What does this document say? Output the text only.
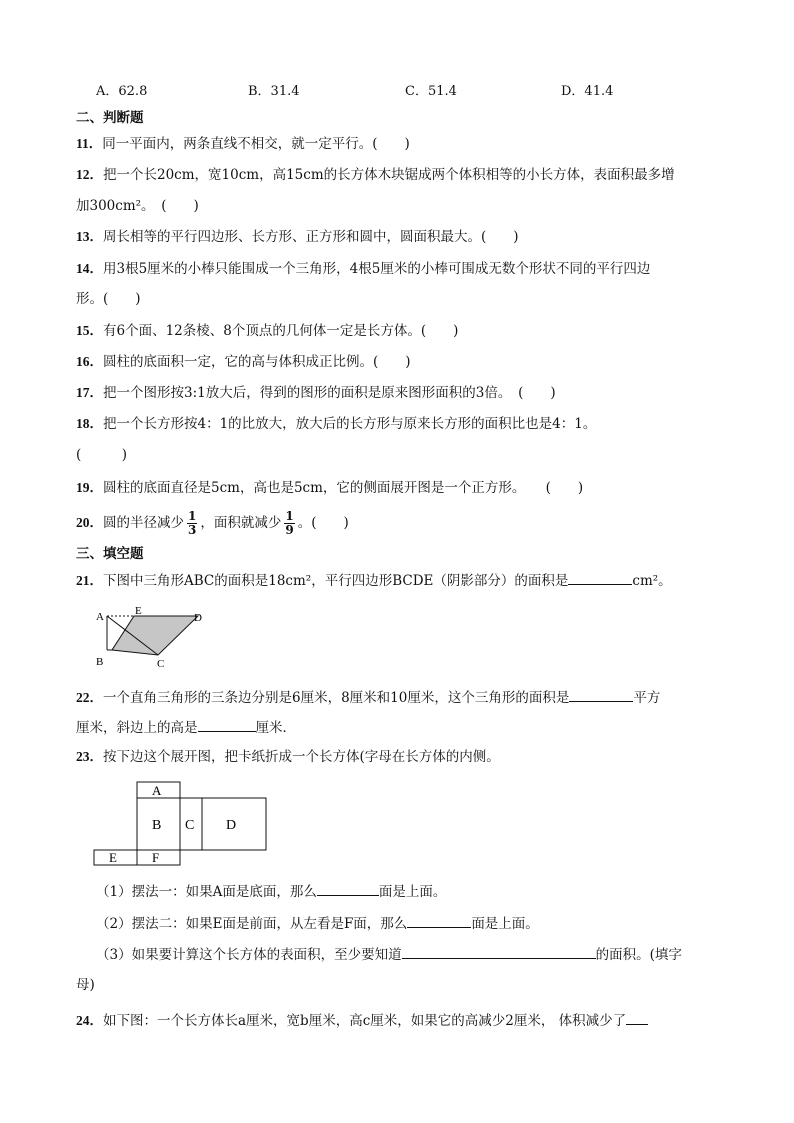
A．62.8	B．31.4	C．51.4	D．41.4
二、判断题
11．同一平面内，两条直线不相交，就一定平行。(　　)
12．把一个长20cm，宽10cm，高15cm的长方体木块锯成两个体积相等的小长方体，表面积最多增
加300cm²。　(　　)
13．周长相等的平行四边形、长方形、正方形和圆中，圆面积最大。(　　)
14．用3根5厘米的小棒只能围成一个三角形，4根5厘米的小棒可围成无数个形状不同的平行四边
形。(　　)
15．有6个面、12条棱、8个顶点的几何体一定是长方体。(　　)
16．圆柱的底面积一定，它的高与体积成正比例。(　　)
17．把一个图形按3:1放大后，得到的图形的面积是原来图形面积的3倍。　(　　)
18．把一个长方形按4：1的比放大，放大后的长方形与原来长方形的面积比也是4：1。
(　　　)
19．圆柱的底面直径是5cm，高也是5cm，它的侧面展开图是一个正方形。　　(　　)
20．圆的半径减少 $\frac{1}{3}$ ，面积就减少 $\frac{1}{9}$ 。(　　)
三、填空题
21．下图中三角形ABC的面积是18cm²，平行四边形BCDE（阴影部分）的面积是	cm²。
A	E
D
B	C
22．一个直角三角形的三条边分别是6厘米，8厘米和10厘米，这个三角形的面积是	平方
厘米，斜边上的高是	厘米．
23．按下边这个展开图，把卡纸折成一个长方体(字母在长方体的内侧。
A
B C D
E	F
（1）摆法一：如果A面是底面，那么	面是上面。
（2）摆法二：如果E面是前面，从左看是F面，那么	面是上面。
（3）如果要计算这个长方体的表面积，至少要知道	的面积。(填字
母)
24．如下图：一个长方体长a厘米，宽b厘米，高c厘米，如果它的高减少2厘米， 体积减少了
